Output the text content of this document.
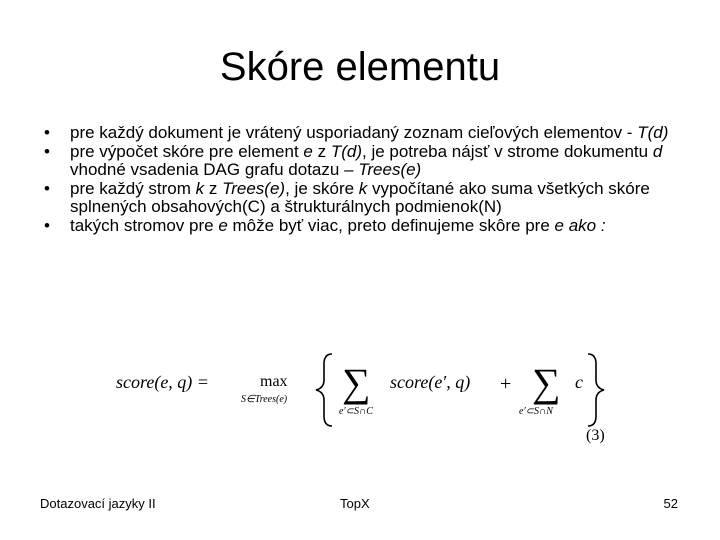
Skóre elementu
• pre každý dokument je vrátený usporiadaný zoznam cieľových elementov - T(d)
• pre výpočet skóre pre element e z T(d), je potreba nájsť v strome dokumentu d vhodné vsadenia DAG grafu dotazu – Trees(e)
• pre každý strom k z Trees(e), je skóre k vypočítané ako suma všetkých skóre splnených obsahových(C) a štrukturálnych podmienok(N)
• takých stromov pre e môže byť viac, preto definujeme skôre pre e ako :
score(e, q) =	max
S∈Trees(e) ∑
e′⊂S∩C
score(e′, q) + ∑
e′⊂S∩N
c
(3)
Dotazovací jazyky II	TopX	52
